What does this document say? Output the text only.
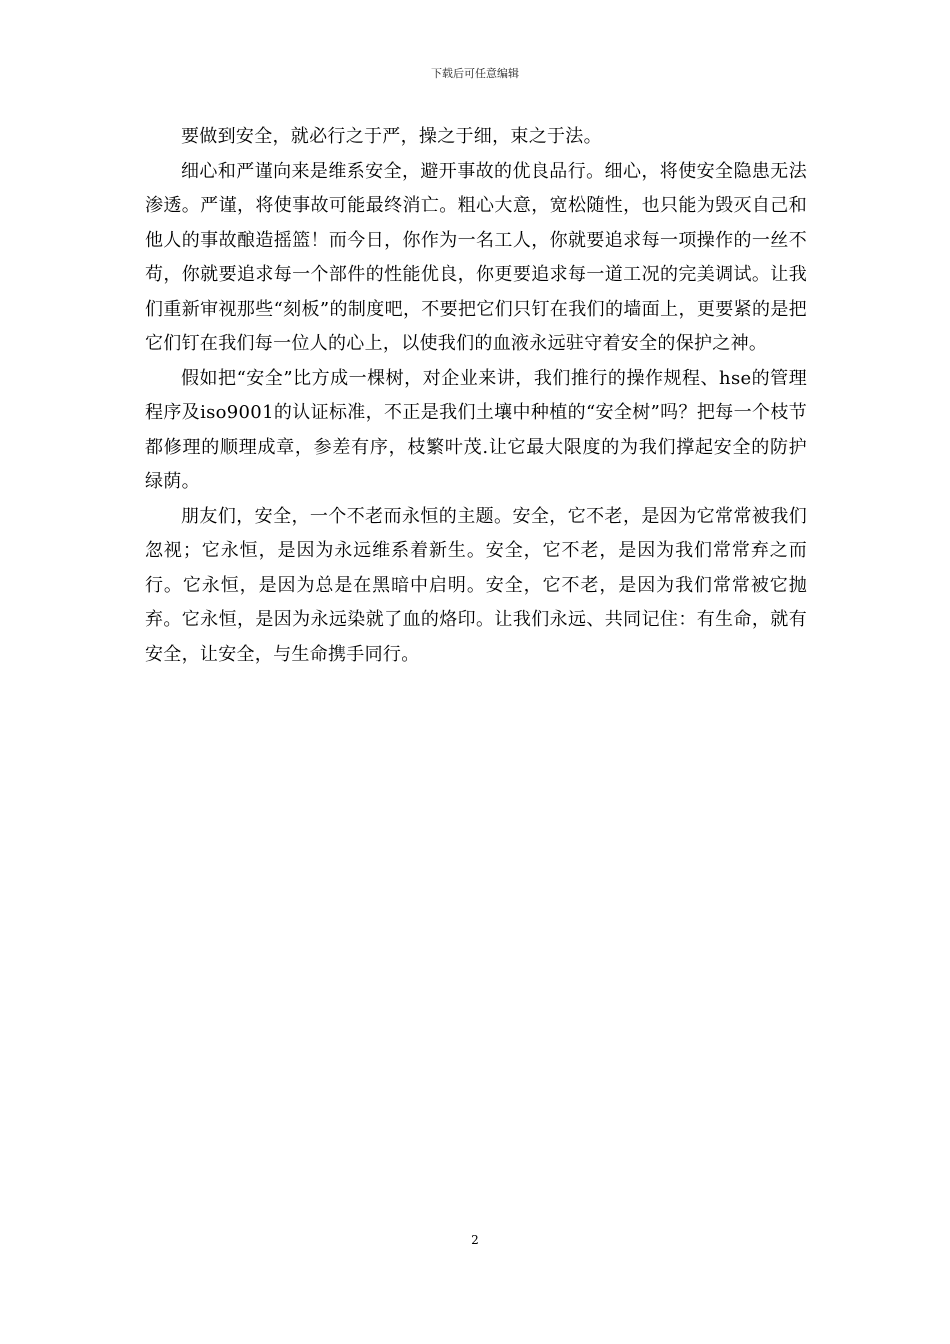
下载后可任意编辑

要做到安全，就必行之于严，操之于细，束之于法。

细心和严谨向来是维系安全，避开事故的优良品行。细心，将使安全隐患无法渗透。严谨，将使事故可能最终消亡。粗心大意，宽松随性，也只能为毁灭自己和他人的事故酿造摇篮！而今日，你作为一名工人，你就要追求每一项操作的一丝不苟，你就要追求每一个部件的性能优良，你更要追求每一道工况的完美调试。让我们重新审视那些“刻板”的制度吧，不要把它们只钉在我们的墙面上，更要紧的是把它们钉在我们每一位人的心上，以使我们的血液永远驻守着安全的保护之神。

假如把“安全”比方成一棵树，对企业来讲，我们推行的操作规程、hse的管理程序及iso9001的认证标准，不正是我们土壤中种植的“安全树”吗？把每一个枝节都修理的顺理成章，参差有序，枝繁叶茂.让它最大限度的为我们撑起安全的防护绿荫。

朋友们，安全，一个不老而永恒的主题。安全，它不老，是因为它常常被我们忽视；它永恒，是因为永远维系着新生。安全，它不老，是因为我们常常弃之而行。它永恒，是因为总是在黑暗中启明。安全，它不老，是因为我们常常被它抛弃。它永恒，是因为永远染就了血的烙印。让我们永远、共同记住：有生命，就有安全，让安全，与生命携手同行。

2
